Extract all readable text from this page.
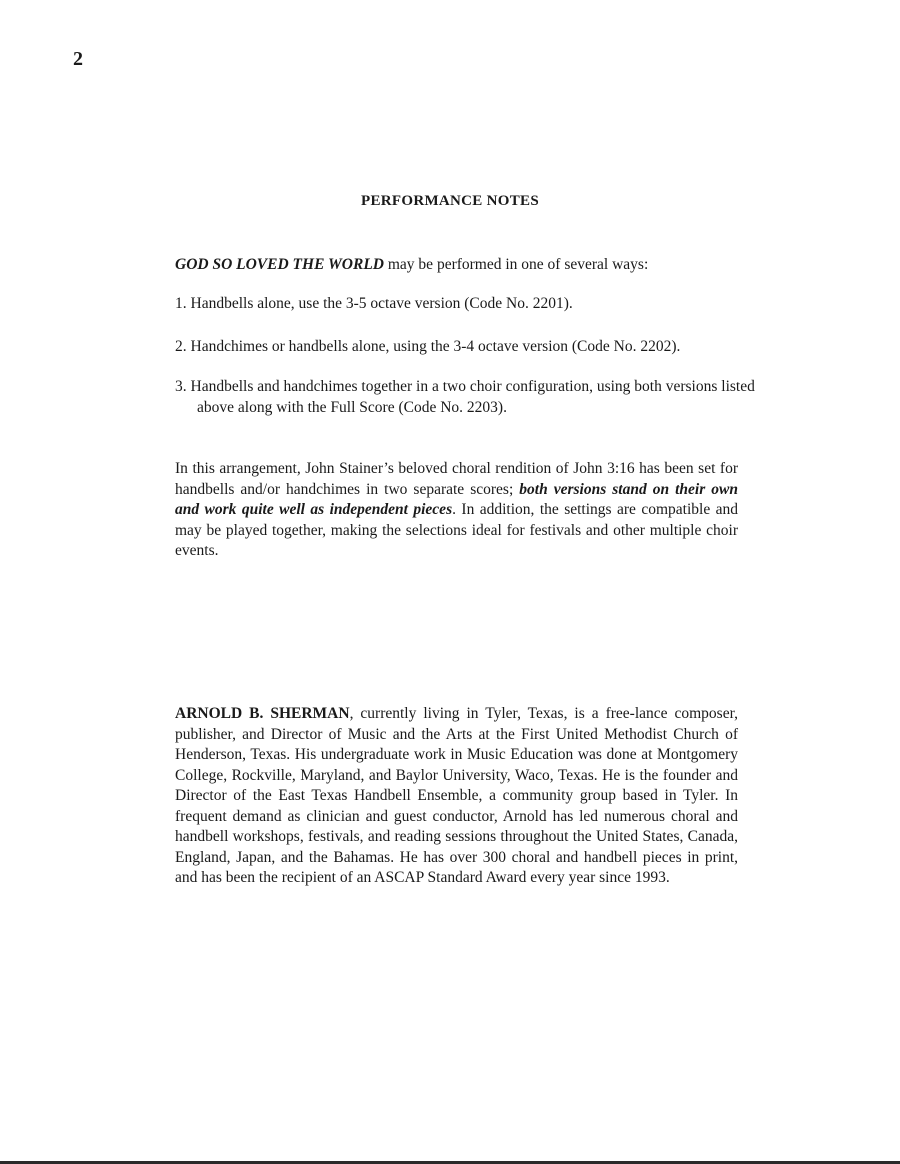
2
PERFORMANCE NOTES
GOD SO LOVED THE WORLD may be performed in one of several ways:
1. Handbells alone, use the 3-5 octave version (Code No. 2201).
2. Handchimes or handbells alone, using the 3-4 octave version (Code No. 2202).
3. Handbells and handchimes together in a two choir configuration, using both versions listed above along with the Full Score (Code No. 2203).
In this arrangement, John Stainer’s beloved choral rendition of John 3:16 has been set for handbells and/or handchimes in two separate scores; both versions stand on their own and work quite well as independent pieces. In addition, the settings are compatible and may be played together, making the selections ideal for festivals and other multiple choir events.
ARNOLD B. SHERMAN, currently living in Tyler, Texas, is a free-lance composer, publisher, and Director of Music and the Arts at the First United Methodist Church of Henderson, Texas. His undergraduate work in Music Education was done at Montgomery College, Rockville, Maryland, and Baylor University, Waco, Texas. He is the founder and Director of the East Texas Handbell Ensemble, a community group based in Tyler. In frequent demand as clinician and guest conductor, Arnold has led numerous choral and handbell workshops, festivals, and reading sessions throughout the United States, Canada, England, Japan, and the Bahamas. He has over 300 choral and handbell pieces in print, and has been the recipient of an ASCAP Standard Award every year since 1993.
